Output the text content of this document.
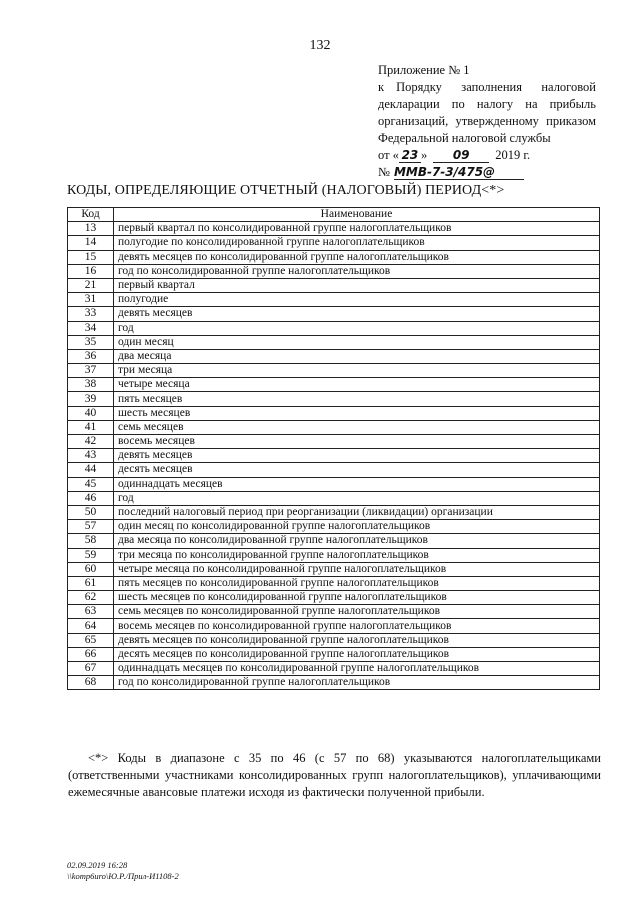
132
Приложение № 1
к Порядку заполнения налоговой
декларации по налогу на прибыль
организаций, утвержденному приказом
Федеральной налоговой службы
от « 23 »	09	2019 г.
№ ММВ-7-3/475@
КОДЫ, ОПРЕДЕЛЯЮЩИЕ ОТЧЕТНЫЙ (НАЛОГОВЫЙ) ПЕРИОД<*>
Код	Наименование
13	первый квартал по консолидированной группе налогоплательщиков
14	полугодие по консолидированной группе налогоплательщиков
15	девять месяцев по консолидированной группе налогоплательщиков
16	год по консолидированной группе налогоплательщиков
21	первый квартал
31	полугодие
33	девять месяцев
34	год
35	один месяц
36	два месяца
37	три месяца
38	четыре месяца
39	пять месяцев
40	шесть месяцев
41	семь месяцев
42	восемь месяцев
43	девять месяцев
44	десять месяцев
45	одиннадцать месяцев
46	год
50	последний налоговый период при реорганизации (ликвидации) организации
57	один месяц по консолидированной группе налогоплательщиков
58	два месяца по консолидированной группе налогоплательщиков
59	три месяца по консолидированной группе налогоплательщиков
60	четыре месяца по консолидированной группе налогоплательщиков
61	пять месяцев по консолидированной группе налогоплательщиков
62	шесть месяцев по консолидированной группе налогоплательщиков
63	семь месяцев по консолидированной группе налогоплательщиков
64	восемь месяцев по консолидированной группе налогоплательщиков
65	девять месяцев по консолидированной группе налогоплательщиков
66	десять месяцев по консолидированной группе налогоплательщиков
67	одиннадцать месяцев по консолидированной группе налогоплательщиков
68	год по консолидированной группе налогоплательщиков

<*> Коды в диапазоне с 35 по 46 (с 57 по 68) указываются налогоплательщиками (ответственными участниками консолидированных групп налогоплательщиков), уплачивающими ежемесячные авансовые платежи исходя из фактически полученной прибыли.

02.09.2019 16:28
\\komp6uro\Ю.Р./Прил-И1108-2
